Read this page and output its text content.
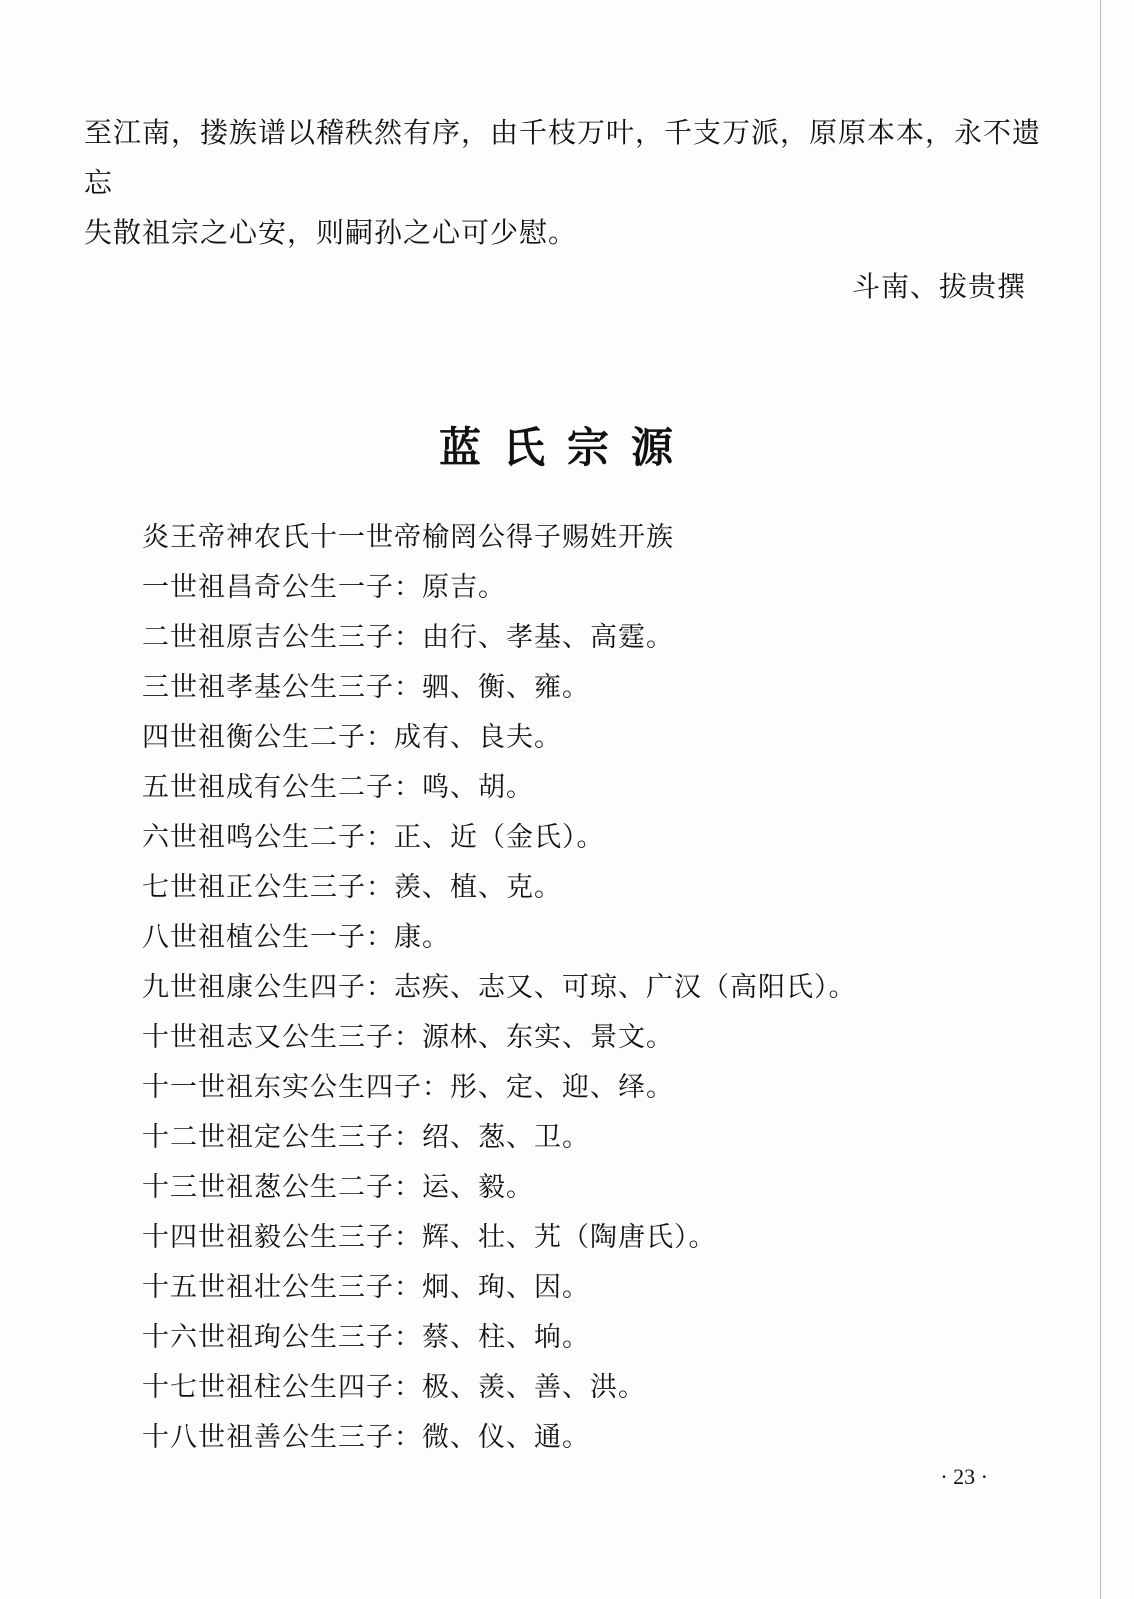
至江南，搂族谱以稽秩然有序，由千枝万叶，千支万派，原原本本，永不遗忘

失散祖宗之心安，则嗣孙之心可少慰。

斗南、拔贵撰
蓝氏宗源
炎王帝神农氏十一世帝榆罔公得子赐姓开族
一世祖昌奇公生一子：原吉。
二世祖原吉公生三子：由行、孝基、高霆。
三世祖孝基公生三子：驷、衡、雍。
四世祖衡公生二子：成有、良夫。
五世祖成有公生二子：鸣、胡。
六世祖鸣公生二子：正、近（金氏）。
七世祖正公生三子：羡、植、克。
八世祖植公生一子：康。
九世祖康公生四子：志疾、志又、可琼、广汉（高阳氏）。
十世祖志又公生三子：源林、东实、景文。
十一世祖东实公生四子：彤、定、迎、绎。
十二世祖定公生三子：绍、葱、卫。
十三世祖葱公生二子：运、毅。
十四世祖毅公生三子：辉、壮、艽（陶唐氏）。
十五世祖壮公生三子：炯、珣、因。
十六世祖珣公生三子：蔡、柱、垧。
十七世祖柱公生四子：极、羡、善、洪。
十八世祖善公生三子：微、仪、通。
· 23 ·
